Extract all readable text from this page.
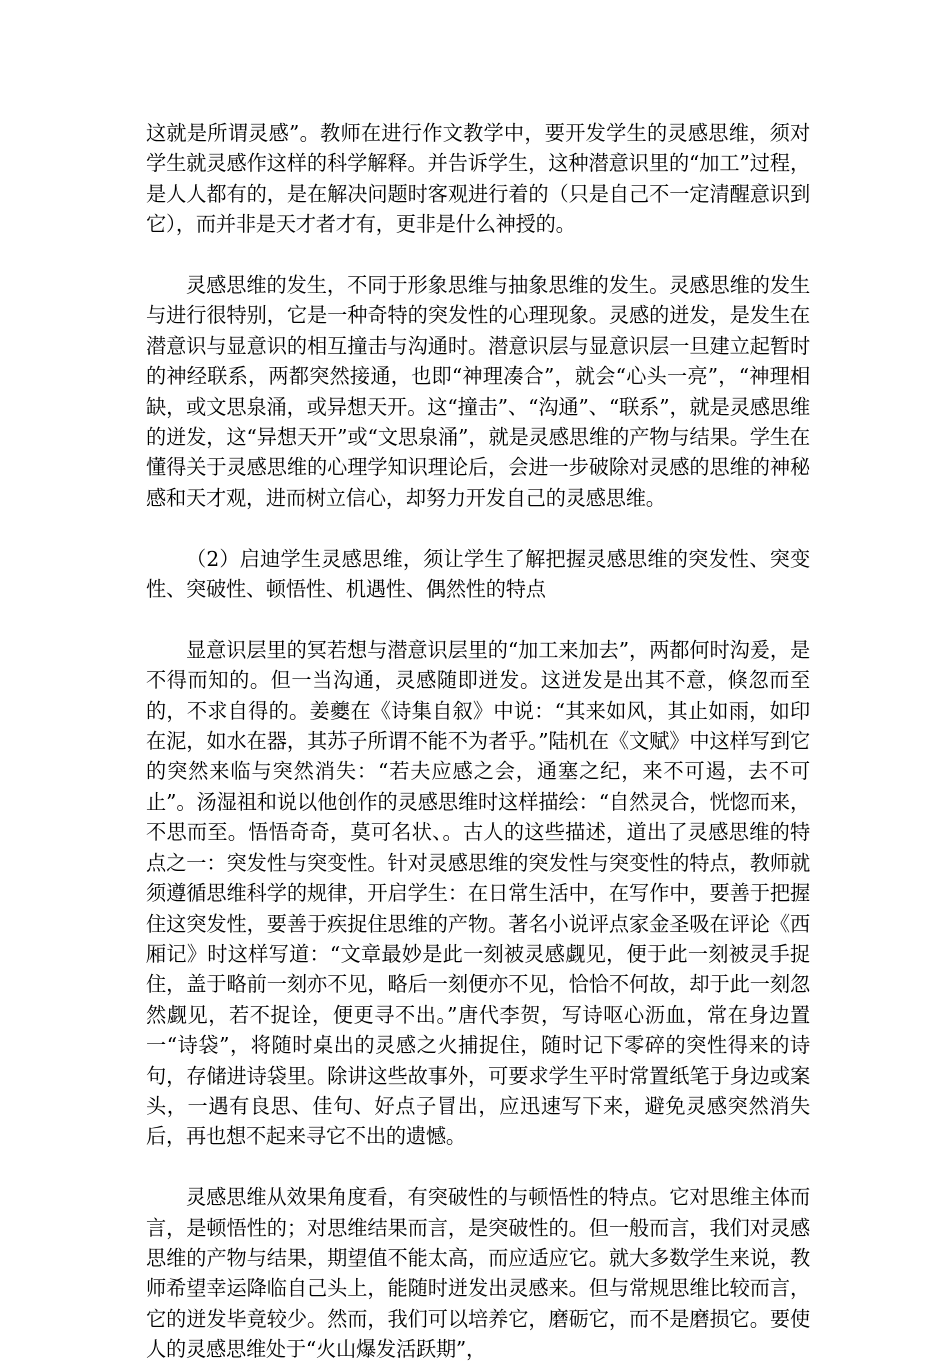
这就是所谓灵感”。教师在进行作文教学中，要开发学生的灵感思维，须对学生就灵感作这样的科学解释。并告诉学生，这种潜意识里的“加工”过程，是人人都有的，是在解决问题时客观进行着的（只是自己不一定清醒意识到它），而并非是天才者才有，更非是什么神授的。

灵感思维的发生，不同于形象思维与抽象思维的发生。灵感思维的发生与进行很特别，它是一种奇特的突发性的心理现象。灵感的迸发，是发生在潜意识与显意识的相互撞击与沟通时。潜意识层与显意识层一旦建立起暂时的神经联系，两都突然接通，也即“神理凑合”，就会“心头一亮”，“神理相缺，或文思泉涌，或异想天开。这“撞击”、“沟通”、“联系”，就是灵感思维的迸发，这“异想天开”或“文思泉涌”，就是灵感思维的产物与结果。学生在懂得关于灵感思维的心理学知识理论后，会进一步破除对灵感的思维的神秘感和天才观，进而树立信心，却努力开发自己的灵感思维。

（2）启迪学生灵感思维，须让学生了解把握灵感思维的突发性、突变性、突破性、顿悟性、机遇性、偶然性的特点

显意识层里的冥若想与潜意识层里的“加工来加去”，两都何时沟爰，是不得而知的。但一当沟通，灵感随即迸发。这迸发是出其不意，倏忽而至的，不求自得的。姜夔在《诗集自叙》中说：“其来如风，其止如雨，如印在泥，如水在器，其苏子所谓不能不为者乎。”陆机在《文赋》中这样写到它的突然来临与突然消失：“若夫应感之会，通塞之纪，来不可遏，去不可止”。汤湿祖和说以他创作的灵感思维时这样描绘：“自然灵合，恍惚而来，不思而至。悟悟奇奇，莫可名状、。古人的这些描述，道出了灵感思维的特点之一：突发性与突变性。针对灵感思维的突发性与突变性的特点，教师就须遵循思维科学的规律，开启学生：在日常生活中，在写作中，要善于把握住这突发性，要善于疾捉住思维的产物。著名小说评点家金圣吸在评论《西厢记》时这样写道：“文章最妙是此一刻被灵感觑见，便于此一刻被灵手捉住，盖于略前一刻亦不见，略后一刻便亦不见，恰恰不何故，却于此一刻忽然觑见，若不捉诠，便更寻不出。”唐代李贺，写诗呕心沥血，常在身边置一“诗袋”，将随时桌出的灵感之火捕捉住，随时记下零碎的突性得来的诗句，存储进诗袋里。除讲这些故事外，可要求学生平时常置纸笔于身边或案头，一遇有良思、佳句、好点子冒出，应迅速写下来，避免灵感突然消失后，再也想不起来寻它不出的遗憾。

灵感思维从效果角度看，有突破性的与顿悟性的特点。它对思维主体而言，是顿悟性的；对思维结果而言，是突破性的。但一般而言，我们对灵感思维的产物与结果，期望值不能太高，而应适应它。就大多数学生来说，教师希望幸运降临自己头上，能随时迸发出灵感来。但与常规思维比较而言，它的迸发毕竟较少。然而，我们可以培养它，磨砺它，而不是磨损它。要使人的灵感思维处于“火山爆发活跃期”，
